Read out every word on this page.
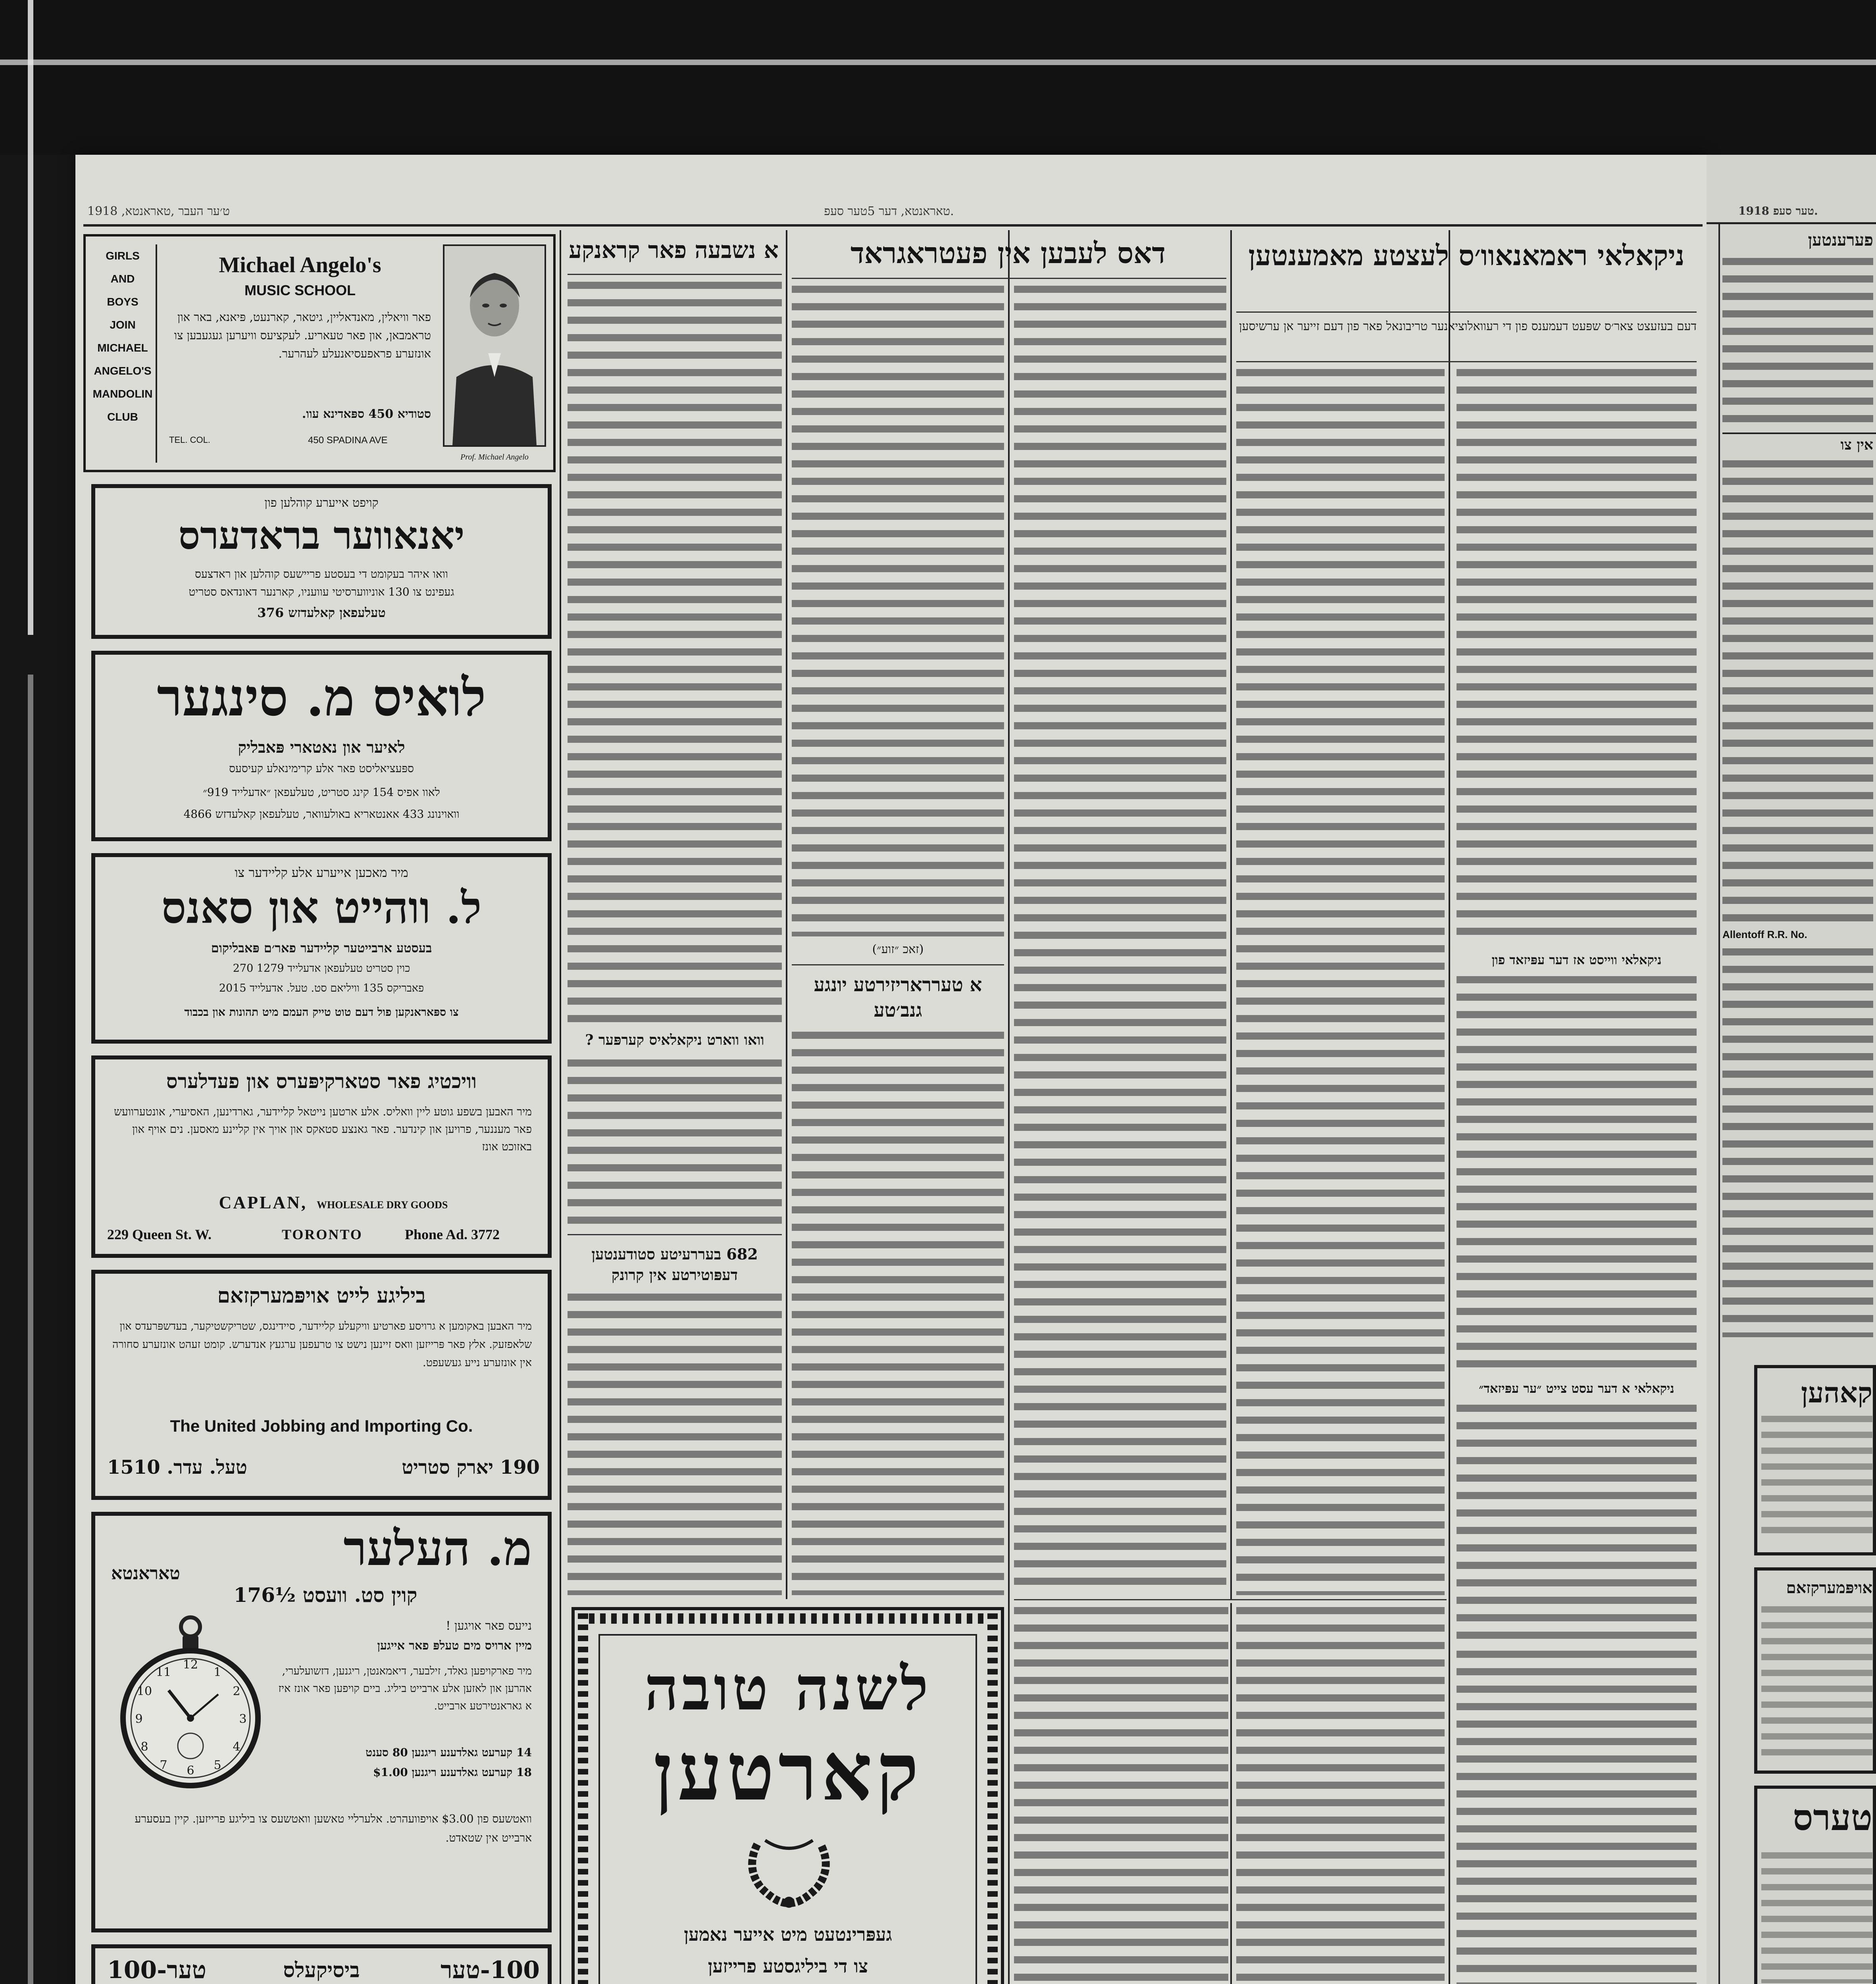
1918 ,ט׳ער העבר ,טאראנטא	טאראנטא, דער 5טער סעפ.
GIRLS
AND
BOYS
JOIN
MICHAEL
ANGELO'S
MANDOLIN
CLUB
Michael Angelo's
MUSIC SCHOOL
פאר וויאלין, מאנדאליין, גיטאר, קארנעט, פּיאנא, באר און טראמבאן, און פאר טעאריע. לעקציעס וויערען געגעבען צו אונזערע פראפעסיאנעלע לעהרער.
סטודיא 450 ספּאדינא עוו.
TEL. COL.	450 SPADINA AVE
Prof. Michael Angelo
קויפט אייערע קוהלען פון
יאנאווער בראדערס
וואו איהר בעקומט די בעסטע פריישעס קוהלען און ראדצעס
געפינט צו 130 אוניווערסיטי עוועניו, קארנער דאונדאס סטריט
טעלעפאן קאלעדזש 376
לואיס מ. סינגער
לאיער און נאטארי פּאבליק
ספּעציאליסט פאר אלע קרימינאלע קעיסעס
לאוו אפיס 154 קינג סטריט, טעלעפאן ״אדעלייד 919״
וואוינונג 433 אאנטאריא באולעוואר, טעלעפאן קאלעדזש 4866
מיר מאכען אייערע אלע קליידער צו
ל. ווהייט און סאנס
בעסטע ארבייטער קליידער פאר׳ם פּאבליקום
270 כוין סטריט טעלעפאן אדעלייד 1279
פאבריקס 135 וויליאם סט. טעל. אדעלייד 2015
צו ספּאראנקען פול דעם טוט טייק העמם מיט תהונות און בכבוד
וויכטיג פאר סטארקיפּערס און פעדלערס
מיר האבען בשפע גוטע ליין וואליס. אלע ארטען נייטאל קליידער, גארדינען, האסיערי, אונטערוועש פאר מעננער, פרויען און קינדער. פאר גאנצע סטאקס און אויך אין קליינע מאסען. נים אויף און באזוכט אונז
CAPLAN, WHOLESALE DRY GOODS
229 Queen St. W.	TORONTO	Phone Ad. 3772
ביליגע לייט אויפּמערקזאם
מיר האבען באקומען א גרויסע פארטיע וויקעלע קליידער, סיידינגס, שטריקשטיקער, בעדשפּרעדס און שלאפזעק. אלץ פאר פּרייזען וואס זיינען נישט צו טרעפען ערגעץ אנדערש. קומט זעהט אונזערע סחורה אין אונזערע נייע געשעפט.
The United Jobbing and Importing Co.
טעל. עדר. 1510	190 יארק סטריט
טאראנטא	מ. העלער
176½ קוין סט. וועסט
נייעס פאר אויגען !
מיין ארויס מים טעלפּ פאר אייגען
12
3
6
9
1
2
4
5
7
8
10
11	מיר פארקויפען גאלד, זילבער, דיאמאנטן, ריגנען, דזשועלערי, אהרען און לאזען אלע ארבייט ביליג. ביים קויפען פאר אונז איז א גאראנטירטע ארבייט.
14 קערעט גאלדענע ריגנען 80 סענט
18 קערעט גאלדענע ריגנען $1.00
וואטשעס פון $3.00 אויפוועהרט. אלערליי טאשען וואטשעס צו ביליגע פרייזען. קיין בעסערע ארבייט אין שטאדט.
100-טער	ביסיקעלס	100-טער
א נשבעה פאר קראנקע
וואו ווארט ניקאלאיס קערפּער ?
682 בעררעיטע סטודענטען דעפּוטירטע אין קרונק
דאס לעבען אין פעטראגראד
(זאכ ״זוע״)
א טערראריזירטע יונגע גנב׳טע
ניקאלאי ראמאנאוו׳ס לעצטע מאמענטען
דעם בעזעצט צאר׳ס שפּעט דעמענס פון די רעוואלוציאנער טריבונאל פאר פון דעם זייער אן ערשיסען
ניקאלאי ווייסט אז דער עפּיזאד פון
ניקאלאי א דער עסט צייט ״ער עפּיזאד״
לשנה טובה
קארטען
געפּרינטעט מיט אייער נאמען
צו די ביליגסטע פרייזען
1918 טער סעפ.
פערענטען
אין צו
Allentoff R.R. No.
קאהען
אויפּמערקזאם
טערס
